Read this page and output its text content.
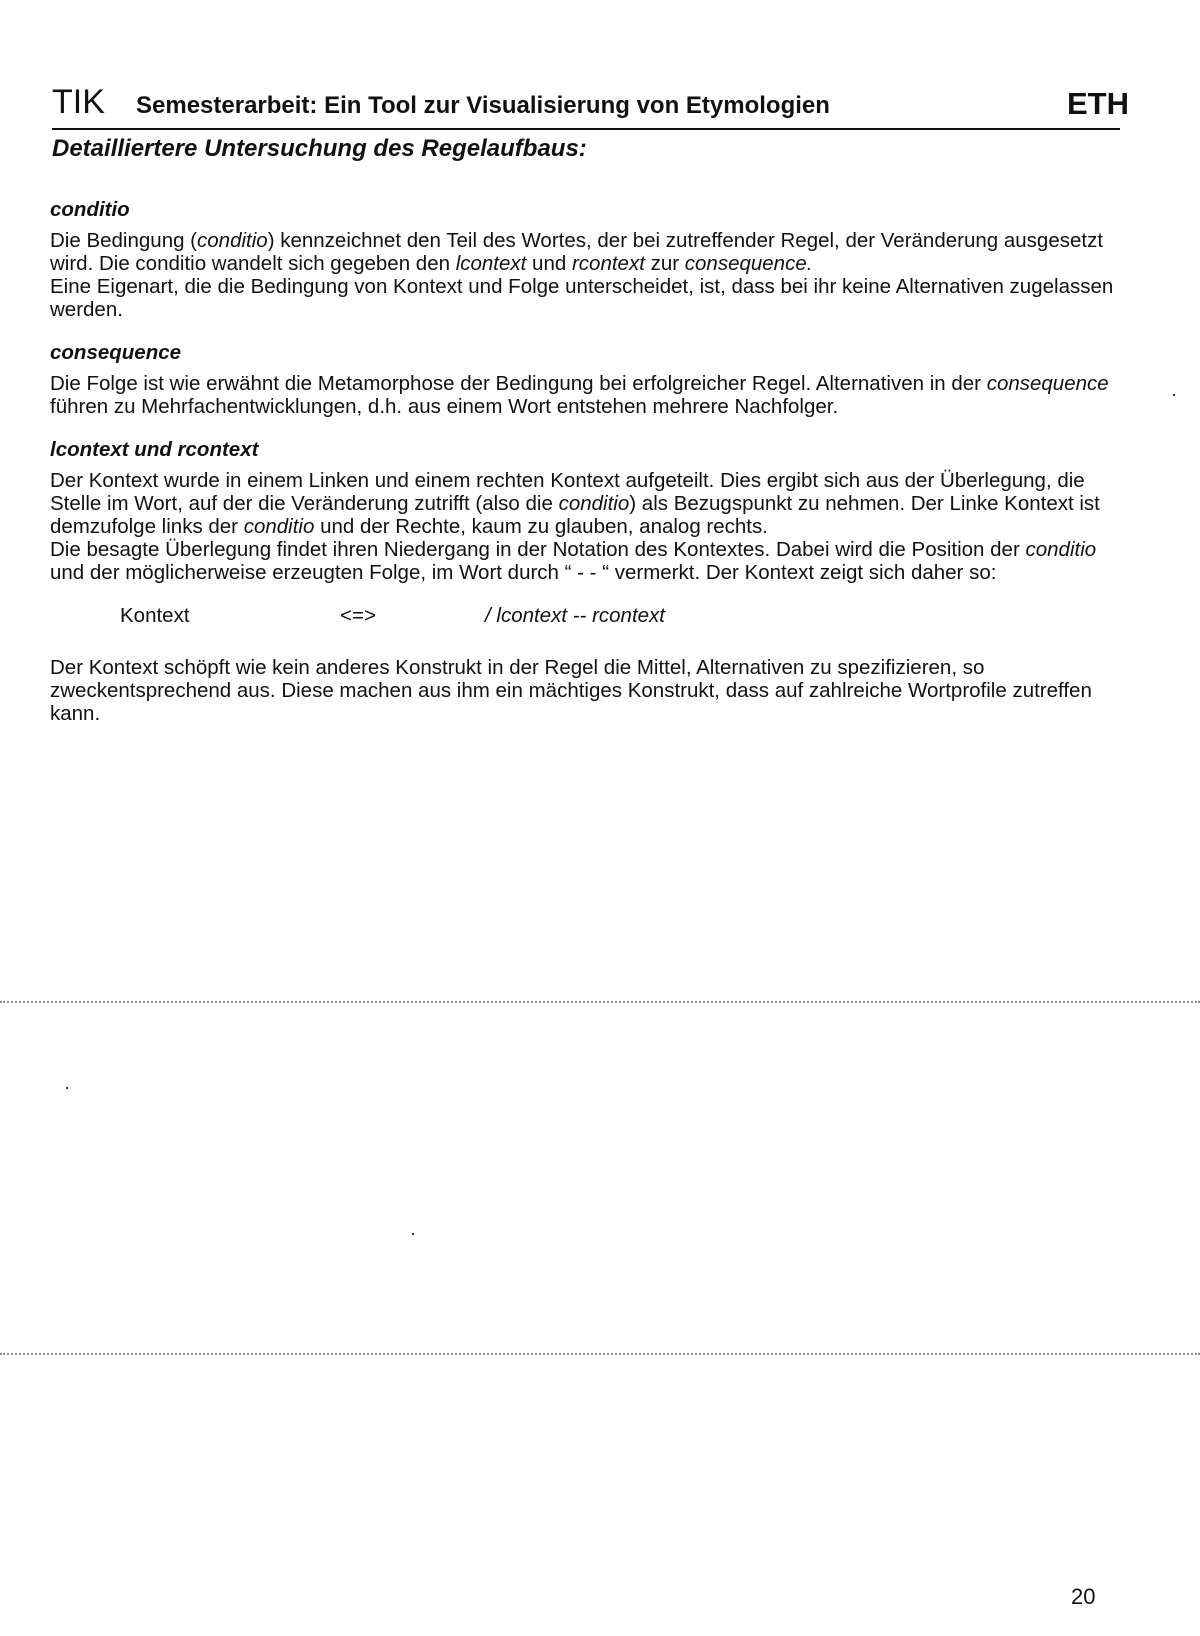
TIK Semesterarbeit: Ein Tool zur Visualisierung von Etymologien	ETH
Detailliertere Untersuchung des Regelaufbaus:
conditio

Die Bedingung (conditio) kennzeichnet den Teil des Wortes, der bei zutreffender Regel, der Veränderung ausgesetzt wird. Die conditio wandelt sich gegeben den lcontext und rcontext zur consequence.

Eine Eigenart, die die Bedingung von Kontext und Folge unterscheidet, ist, dass bei ihr keine Alternativen zugelassen werden.

consequence

Die Folge ist wie erwähnt die Metamorphose der Bedingung bei erfolgreicher Regel. Alternativen in der consequence führen zu Mehrfachentwicklungen, d.h. aus einem Wort entstehen mehrere Nachfolger.

lcontext und rcontext

Der Kontext wurde in einem Linken und einem rechten Kontext aufgeteilt. Dies ergibt sich aus der Überlegung, die Stelle im Wort, auf der die Veränderung zutrifft (also die conditio) als Bezugspunkt zu nehmen. Der Linke Kontext ist demzufolge links der conditio und der Rechte, kaum zu glauben, analog rechts.

Die besagte Überlegung findet ihren Niedergang in der Notation des Kontextes. Dabei wird die Position der conditio und der möglicherweise erzeugten Folge, im Wort durch “ - - “ vermerkt. Der Kontext zeigt sich daher so:

Kontext	<=>	/ lcontext -- rcontext

Der Kontext schöpft wie kein anderes Konstrukt in der Regel die Mittel, Alternativen zu spezifizieren, so zweckentsprechend aus. Diese machen aus ihm ein mächtiges Konstrukt, dass auf zahlreiche Wortprofile zutreffen kann.

20
